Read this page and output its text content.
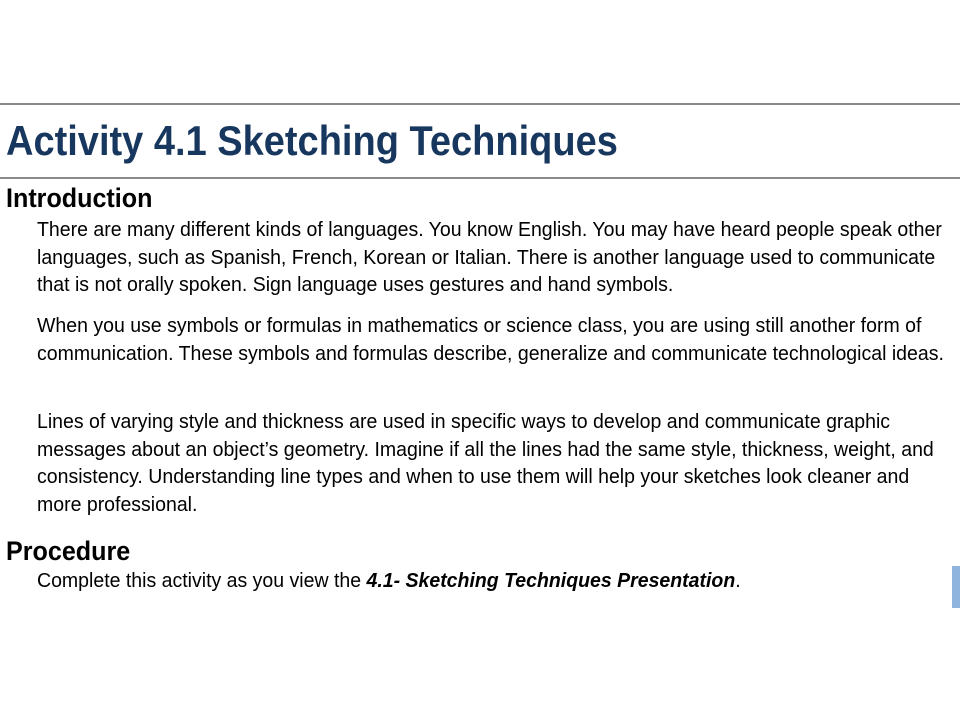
Activity 4.1 Sketching Techniques
Introduction

There are many different kinds of languages. You know English. You may have heard people speak other languages, such as Spanish, French, Korean or Italian. There is another language used to communicate that is not orally spoken. Sign language uses gestures and hand symbols.

When you use symbols or formulas in mathematics or science class, you are using still another form of communication. These symbols and formulas describe, generalize and communicate technological ideas.

Lines of varying style and thickness are used in specific ways to develop and communicate graphic messages about an object’s geometry. Imagine if all the lines had the same style, thickness, weight, and consistency. Understanding line types and when to use them will help your sketches look cleaner and more professional.

Procedure

Complete this activity as you view the 4.1- Sketching Techniques Presentation.
